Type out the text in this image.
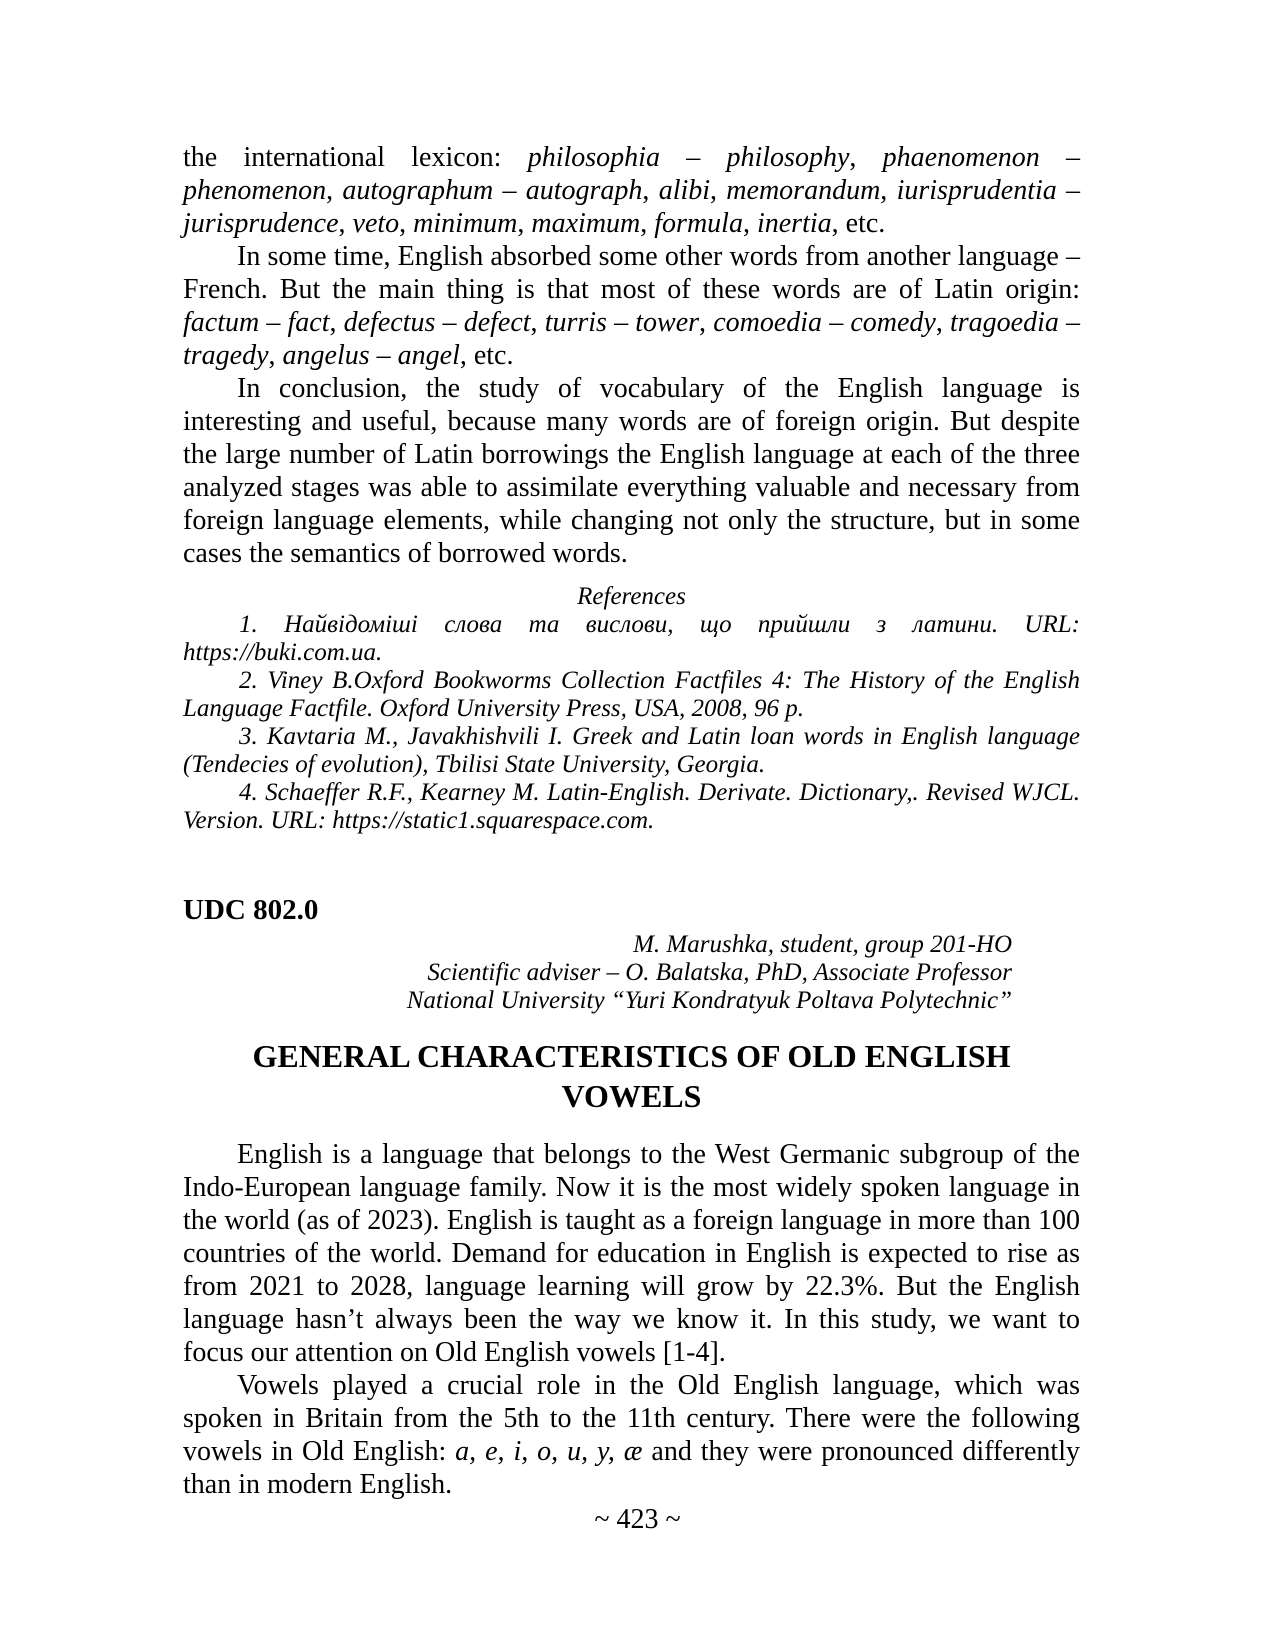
the international lexicon: philosophia – philosophy, phaenomenon – phenomenon, autographum – autograph, alibi, memorandum, iurisprudentia – jurisprudence, veto, minimum, maximum, formula, inertia, etc.

In some time, English absorbed some other words from another language – French. But the main thing is that most of these words are of Latin origin: factum – fact, defectus – defect, turris – tower, comoedia – comedy, tragoedia – tragedy, angelus – angel, etc.

In conclusion, the study of vocabulary of the English language is interesting and useful, because many words are of foreign origin. But despite the large number of Latin borrowings the English language at each of the three analyzed stages was able to assimilate everything valuable and necessary from foreign language elements, while changing not only the structure, but in some cases the semantics of borrowed words.

References

1. Найвідоміші слова та вислови, що прийшли з латини. URL: https://buki.com.ua.

2. Viney B.Oxford Bookworms Collection Factfiles 4: The History of the English Language Factfile. Oxford University Press, USA, 2008, 96 p.

3. Kavtaria M., Javakhishvili I. Greek and Latin loan words in English language (Tendecies of evolution), Tbilisi State University, Georgia.

4. Schaeffer R.F., Kearney M. Latin-English. Derivate. Dictionary,. Revised WJCL. Version. URL: https://static1.squarespace.com.

UDC 802.0
M. Marushka, student, group 201-HO
Scientific adviser – O. Balatska, PhD, Associate Professor
National University “Yuri Kondratyuk Poltava Polytechnic”
GENERAL CHARACTERISTICS OF OLD ENGLISH VOWELS

English is a language that belongs to the West Germanic subgroup of the Indo-European language family. Now it is the most widely spoken language in the world (as of 2023). English is taught as a foreign language in more than 100 countries of the world. Demand for education in English is expected to rise as from 2021 to 2028, language learning will grow by 22.3%. But the English language hasn’t always been the way we know it. In this study, we want to focus our attention on Old English vowels [1-4].

Vowels played a crucial role in the Old English language, which was spoken in Britain from the 5th to the 11th century. There were the following vowels in Old English: a, e, i, o, u, y, æ and they were pronounced differently than in modern English.

~ 423 ~
